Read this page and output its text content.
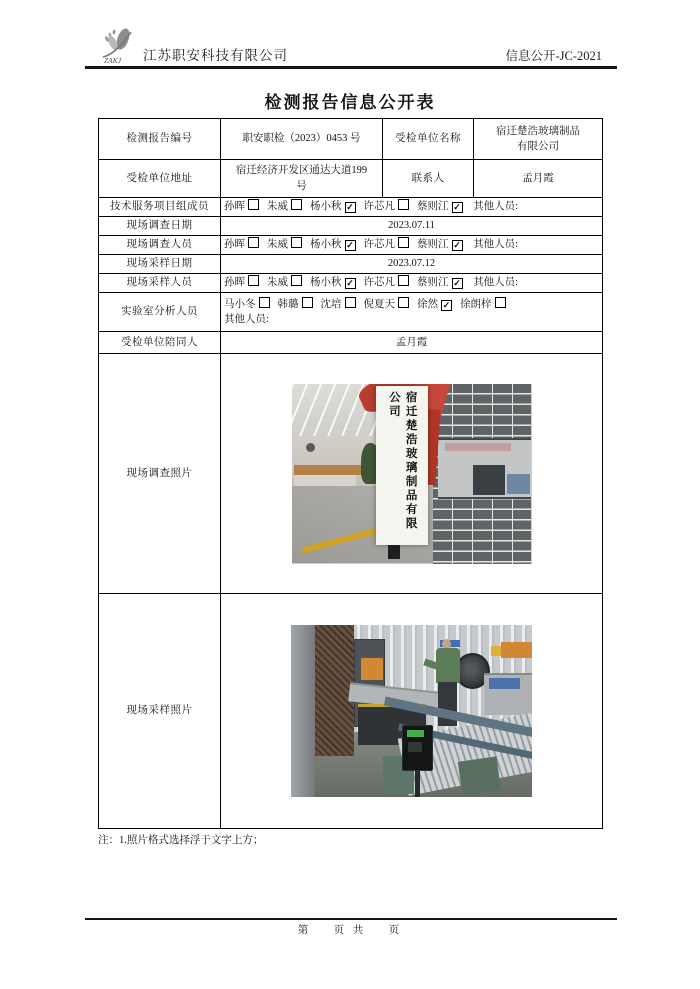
ZAKJ 江苏职安科技有限公司	信息公开-JC-2021
检测报告信息公开表
检测报告编号	职安职检（2023）0453 号	受检单位名称	宿迁楚浩玻璃制品有限公司
受检单位地址	宿迁经济开发区通达大道199 号	联系人	孟月霞
技术服务项目组成员	孙晖 朱威 杨小秋 ✓ 许芯凡 蔡则江 ✓ 其他人员:		
现场调查日期	2023.07.11		
现场调查人员	孙晖 朱威 杨小秋 ✓ 许芯凡 蔡则江 ✓ 其他人员:		
现场采样日期	2023.07.12		
现场采样人员	孙晖 朱威 杨小秋 ✓ 许芯凡 蔡则江 ✓ 其他人员:		
实验室分析人员	马小冬 韩璐 沈培 倪夏天 徐然 ✓ 徐朗梓
其他人员:		

受检单位陪同人	孟月霞		
现场调查照片	宿迁楚浩玻璃制品有限公司		

现场采样照片			
注：1.照片格式选择浮于文字上方；
第    页 共    页
